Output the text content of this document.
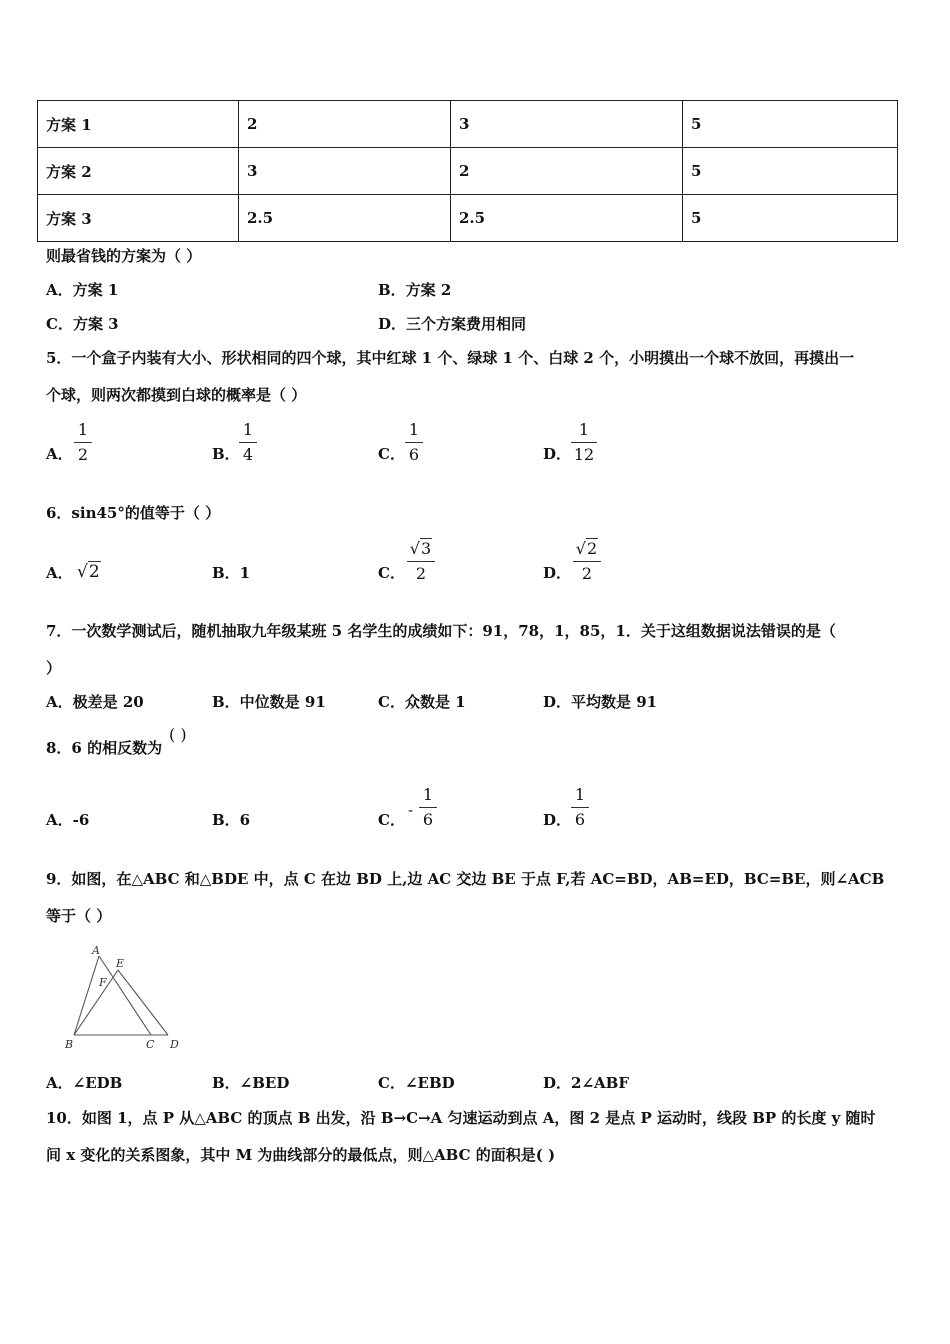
方案 1	2	3	5
方案 2	3	2	5
方案 3	2.5	2.5	5
则最省钱的方案为（ ）
A．方案 1	B．方案 2
C．方案 3	D．三个方案费用相同
5．一个盒子内装有大小、形状相同的四个球，其中红球 1 个、绿球 1 个、白球 2 个，小明摸出一个球不放回，再摸出一
个球，则两次都摸到白球的概率是（ ）
A．
1
2	B．
1
4	C．
1
6	D．
1
12
6．sin45°的值等于（ ）
A． √2	B．1	C．
√3
2	D．
√2
2
7．一次数学测试后，随机抽取九年级某班 5 名学生的成绩如下：91，78，1，85，1．关于这组数据说法错误的是（
）
A．极差是 20	B．中位数是 91	C．众数是 1	D．平均数是 91
8．6 的相反数为
( )
A．-6	B．6	C．
-
1
6	D．
1
6
9．如图，在△ABC 和△BDE 中，点 C 在边 BD 上,边 AC 交边 BE 于点 F,若 AC=BD，AB=ED，BC=BE，则∠ACB
等于（ ）
A
E
F
B	C D
A．∠EDB	B．∠BED	C．∠EBD	D．2∠ABF
10．如图 1，点 P 从△ABC 的顶点 B 出发，沿 B→C→A 匀速运动到点 A，图 2 是点 P 运动时，线段 BP 的长度 y 随时
间 x 变化的关系图象，其中 M 为曲线部分的最低点，则△ABC 的面积是( )
